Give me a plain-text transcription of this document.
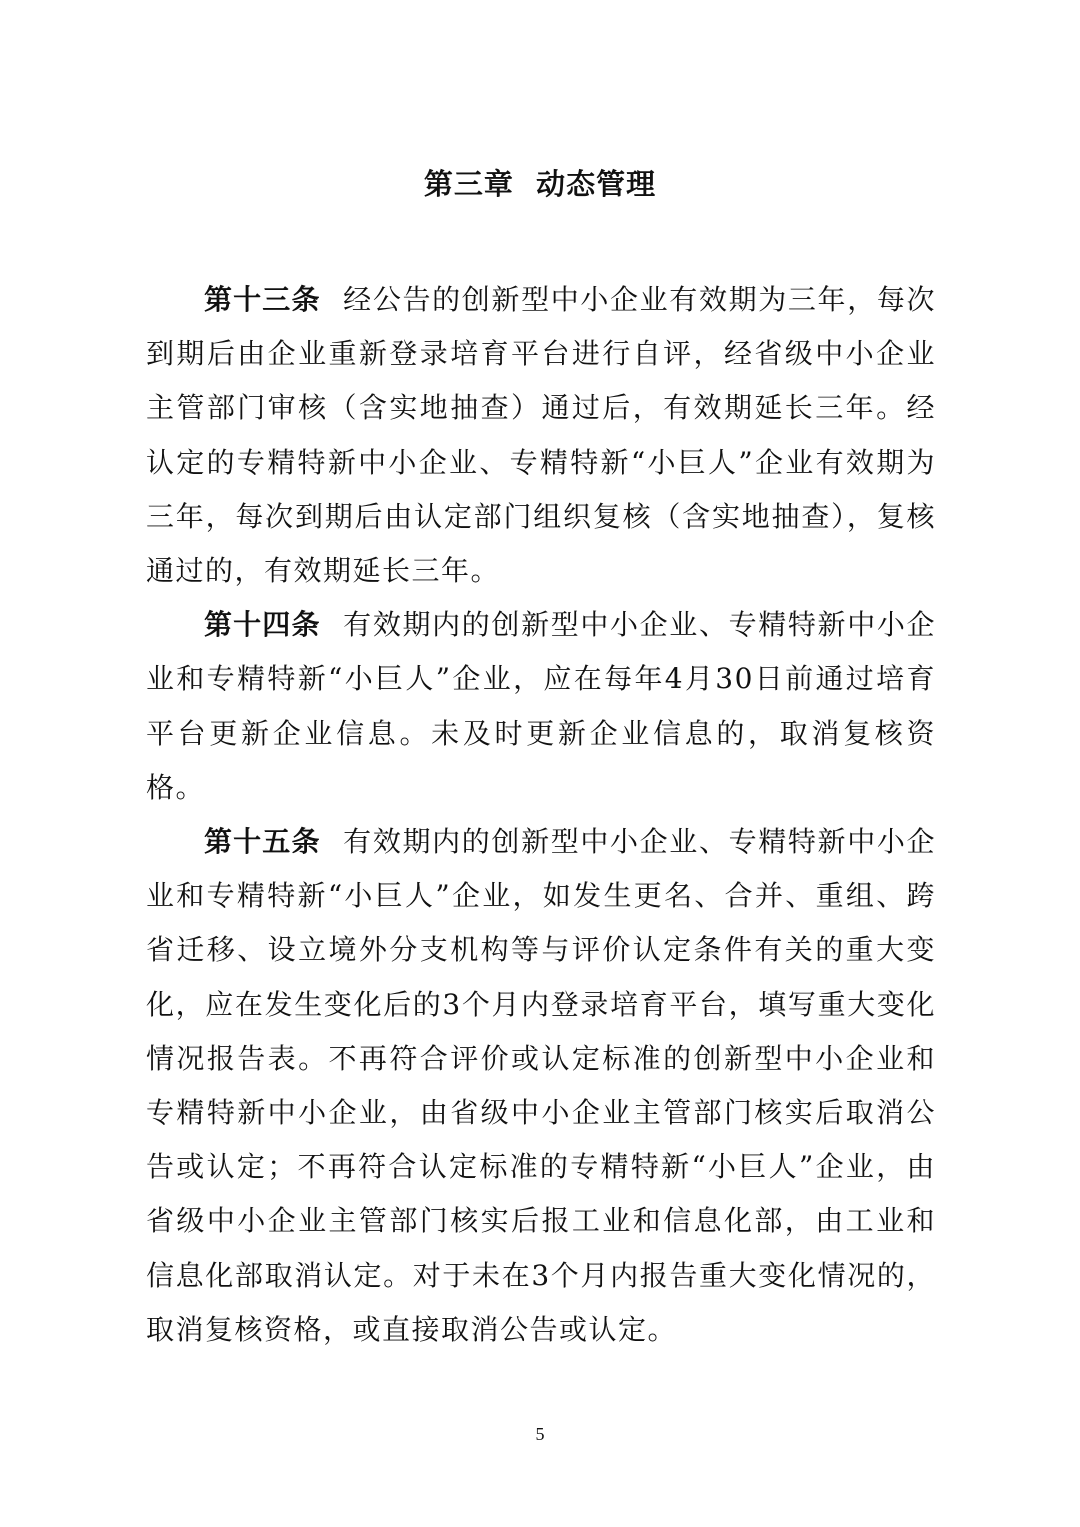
第三章  动态管理

第十三条 经公告的创新型中小企业有效期为三年，每次到期后由企业重新登录培育平台进行自评，经省级中小企业主管部门审核（含实地抽查）通过后，有效期延长三年。经认定的专精特新中小企业、专精特新“小巨人”企业有效期为三年，每次到期后由认定部门组织复核（含实地抽查），复核通过的，有效期延长三年。

第十四条 有效期内的创新型中小企业、专精特新中小企业和专精特新“小巨人”企业，应在每年4月30日前通过培育平台更新企业信息。未及时更新企业信息的，取消复核资格。

第十五条 有效期内的创新型中小企业、专精特新中小企业和专精特新“小巨人”企业，如发生更名、合并、重组、跨省迁移、设立境外分支机构等与评价认定条件有关的重大变化，应在发生变化后的3个月内登录培育平台，填写重大变化情况报告表。不再符合评价或认定标准的创新型中小企业和专精特新中小企业，由省级中小企业主管部门核实后取消公告或认定；不再符合认定标准的专精特新“小巨人”企业，由省级中小企业主管部门核实后报工业和信息化部，由工业和信息化部取消认定。对于未在3个月内报告重大变化情况的，取消复核资格，或直接取消公告或认定。

5
